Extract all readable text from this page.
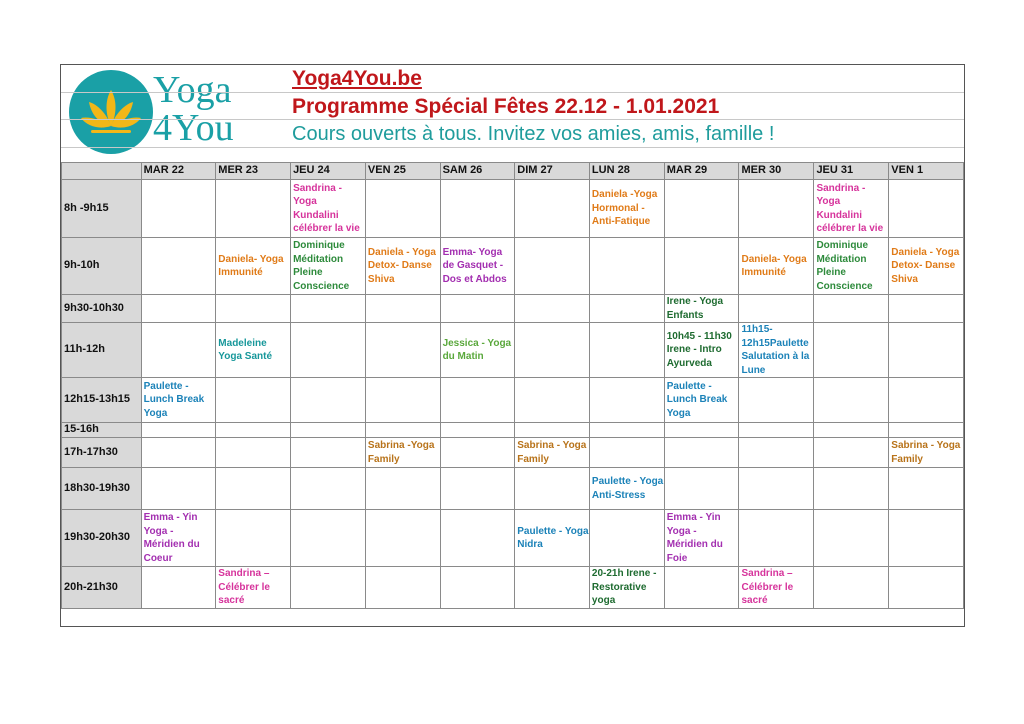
Yoga
4You
Yoga4You.be
Programme Spécial Fêtes 22.12 - 1.01.2021
Cours ouverts à tous. Invitez vos amies, amis, famille !
	MAR 22	MER 23	JEU 24	VEN 25	SAM 26	DIM 27	LUN 28	MAR 29	MER 30	JEU 31	VEN 1
8h -9h15			Sandrina - Yoga Kundalini célébrer la vie				Daniela -Yoga Hormonal - Anti-Fatique			Sandrina - Yoga Kundalini célébrer la vie	
9h-10h		Daniela- Yoga Immunité	Dominique Méditation Pleine Conscience	Daniela - Yoga Detox- Danse Shiva	Emma- Yoga de Gasquet - Dos et Abdos				Daniela- Yoga Immunité	Dominique Méditation Pleine Conscience	Daniela - Yoga Detox- Danse Shiva
9h30-10h30								Irene - Yoga Enfants			
11h-12h		Madeleine Yoga Santé			Jessica - Yoga du Matin			10h45 - 11h30 Irene - Intro Ayurveda	11h15-12h15Paulette Salutation à la Lune		
12h15-13h15	Paulette - Lunch Break Yoga							Paulette - Lunch Break Yoga			
15-16h											
17h-17h30				Sabrina -Yoga Family		Sabrina - Yoga Family					Sabrina - Yoga Family
18h30-19h30							Paulette - Yoga Anti-Stress				
19h30-20h30	Emma - Yin Yoga - Méridien du Coeur					Paulette - Yoga Nidra		Emma - Yin Yoga - Méridien du Foie			
20h-21h30		Sandrina – Célébrer le sacré					20-21h Irene - Restorative yoga		Sandrina – Célébrer le sacré		
